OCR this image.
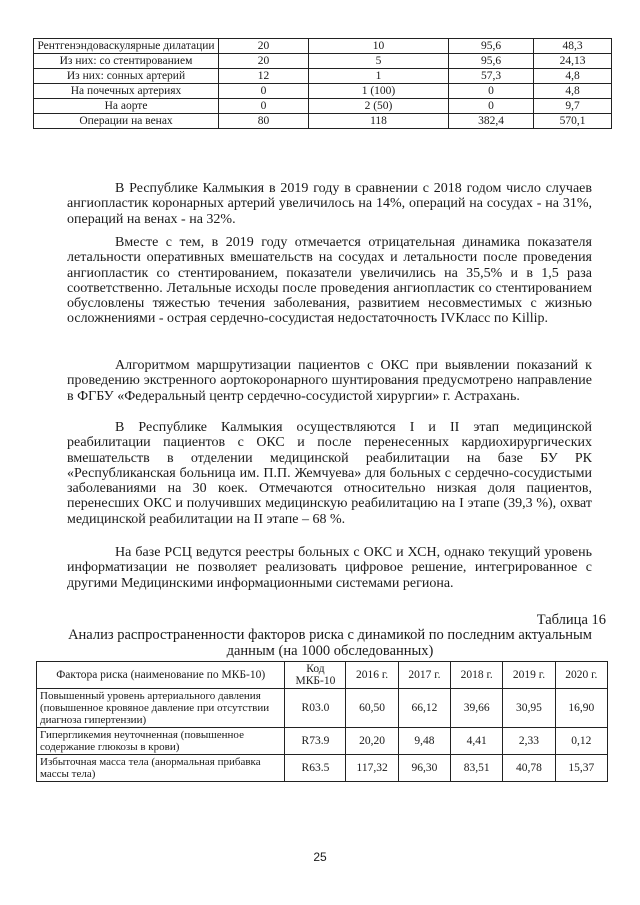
Рентгенэндоваскулярные дилатации	20	10	95,6	48,3
Из них: со стентированием	20	5	95,6	24,13
Из них: сонных артерий	12	1	57,3	4,8
На почечных артериях	0	1 (100)	0	4,8
На аорте	0	2 (50)	0	9,7
Операции на венах	80	118	382,4	570,1

В Республике Калмыкия в 2019 году в сравнении с 2018 годом число случаев ангиопластик коронарных артерий увеличилось на 14%, операций на сосудах - на 31%, операций на венах - на 32%.

Вместе с тем, в 2019 году отмечается отрицательная динамика показателя летальности оперативных вмешательств на сосудах и летальности после проведения ангиопластик со стентированием, показатели увеличились на 35,5% и в 1,5 раза соответственно. Летальные исходы после проведения ангиопластик со стентированием обусловлены тяжестью течения заболевания, развитием несовместимых с жизнью осложнениями - острая сердечно-сосудистая недостаточность IVКласс по Killip.

Алгоритмом маршрутизации пациентов с ОКС при выявлении показаний к проведению экстренного аортокоронарного шунтирования предусмотрено направление в ФГБУ «Федеральный центр сердечно-сосудистой хирургии» г. Астрахань.

В Республике Калмыкия осуществляются I и II этап медицинской реабилитации пациентов с ОКС и после перенесенных кардиохирургических вмешательств в отделении медицинской реабилитации на базе БУ РК «Республиканская больница им. П.П. Жемчуева» для больных с сердечно-сосудистыми заболеваниями на 30 коек. Отмечаются относительно низкая доля пациентов, перенесших ОКС и получивших медицинскую реабилитацию на I этапе (39,3 %), охват медицинской реабилитации на II этапе – 68 %.

На базе РСЦ ведутся реестры больных с ОКС и ХСН, однако текущий уровень информатизации не позволяет реализовать цифровое решение, интегрированное с другими Медицинскими информационными системами региона.

Таблица 16

Анализ распространенности факторов риска с динамикой по последним актуальным данным (на 1000 обследованных)

Фактора риска (наименование по МКБ-10)	Код МКБ-10	2016 г.	2017 г.	2018 г.	2019 г.	2020 г.
Повышенный уровень артериального давления (повышенное кровяное давление при отсутствии диагноза гипертензии)	R03.0	60,50	66,12	39,66	30,95	16,90
Гипергликемия неуточненная (повышенное содержание глюкозы в крови)	R73.9	20,20	9,48	4,41	2,33	0,12
Избыточная масса тела (анормальная прибавка массы тела)	R63.5	117,32	96,30	83,51	40,78	15,37
25
